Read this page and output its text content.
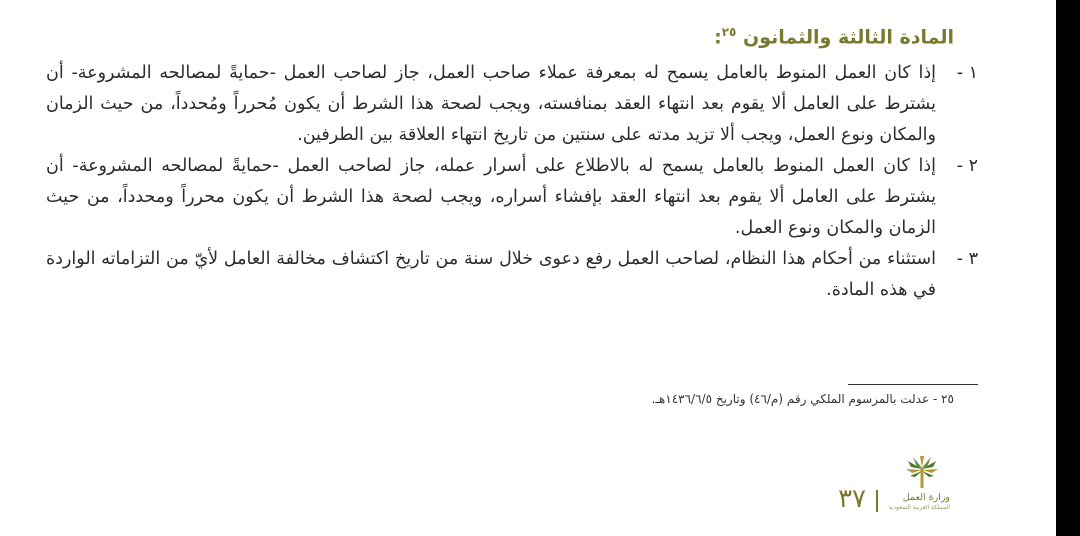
المادة الثالثة والثمانون $^{٢٥}$:
١ -
إذا كان العمل المنوط بالعامل يسمح له بمعرفة عملاء صاحب العمل، جاز لصاحب العمل -حمايةً لمصالحه المشروعة- أن يشترط على العامل ألا يقوم بعد انتهاء العقد بمنافسته، ويجب لصحة هذا الشرط أن يكون مُحرراً ومُحدداً، من حيث الزمان والمكان ونوع العمل، ويجب ألا تزيد مدته على سنتين من تاريخ انتهاء العلاقة بين الطرفين.
٢ -
إذا كان العمل المنوط بالعامل يسمح له بالاطلاع على أسرار عمله، جاز لصاحب العمل -حمايةً لمصالحه المشروعة- أن يشترط على العامل ألا يقوم بعد انتهاء العقد بإفشاء أسراره، ويجب لصحة هذا الشرط أن يكون محرراً ومحدداً، من حيث الزمان والمكان ونوع العمل.
٣ -
استثناء من أحكام هذا النظام، لصاحب العمل رفع دعوى خلال سنة من تاريخ اكتشاف مخالفة العامل لأيّ من التزاماته الواردة في هذه المادة.
٢٥ - عدلت بالمرسوم الملكي رقم (م/٤٦) وتاريخ ١٤٣٦/٦/٥هـ.
وزارة العمل
المملكة العربية السعودية
٣٧
